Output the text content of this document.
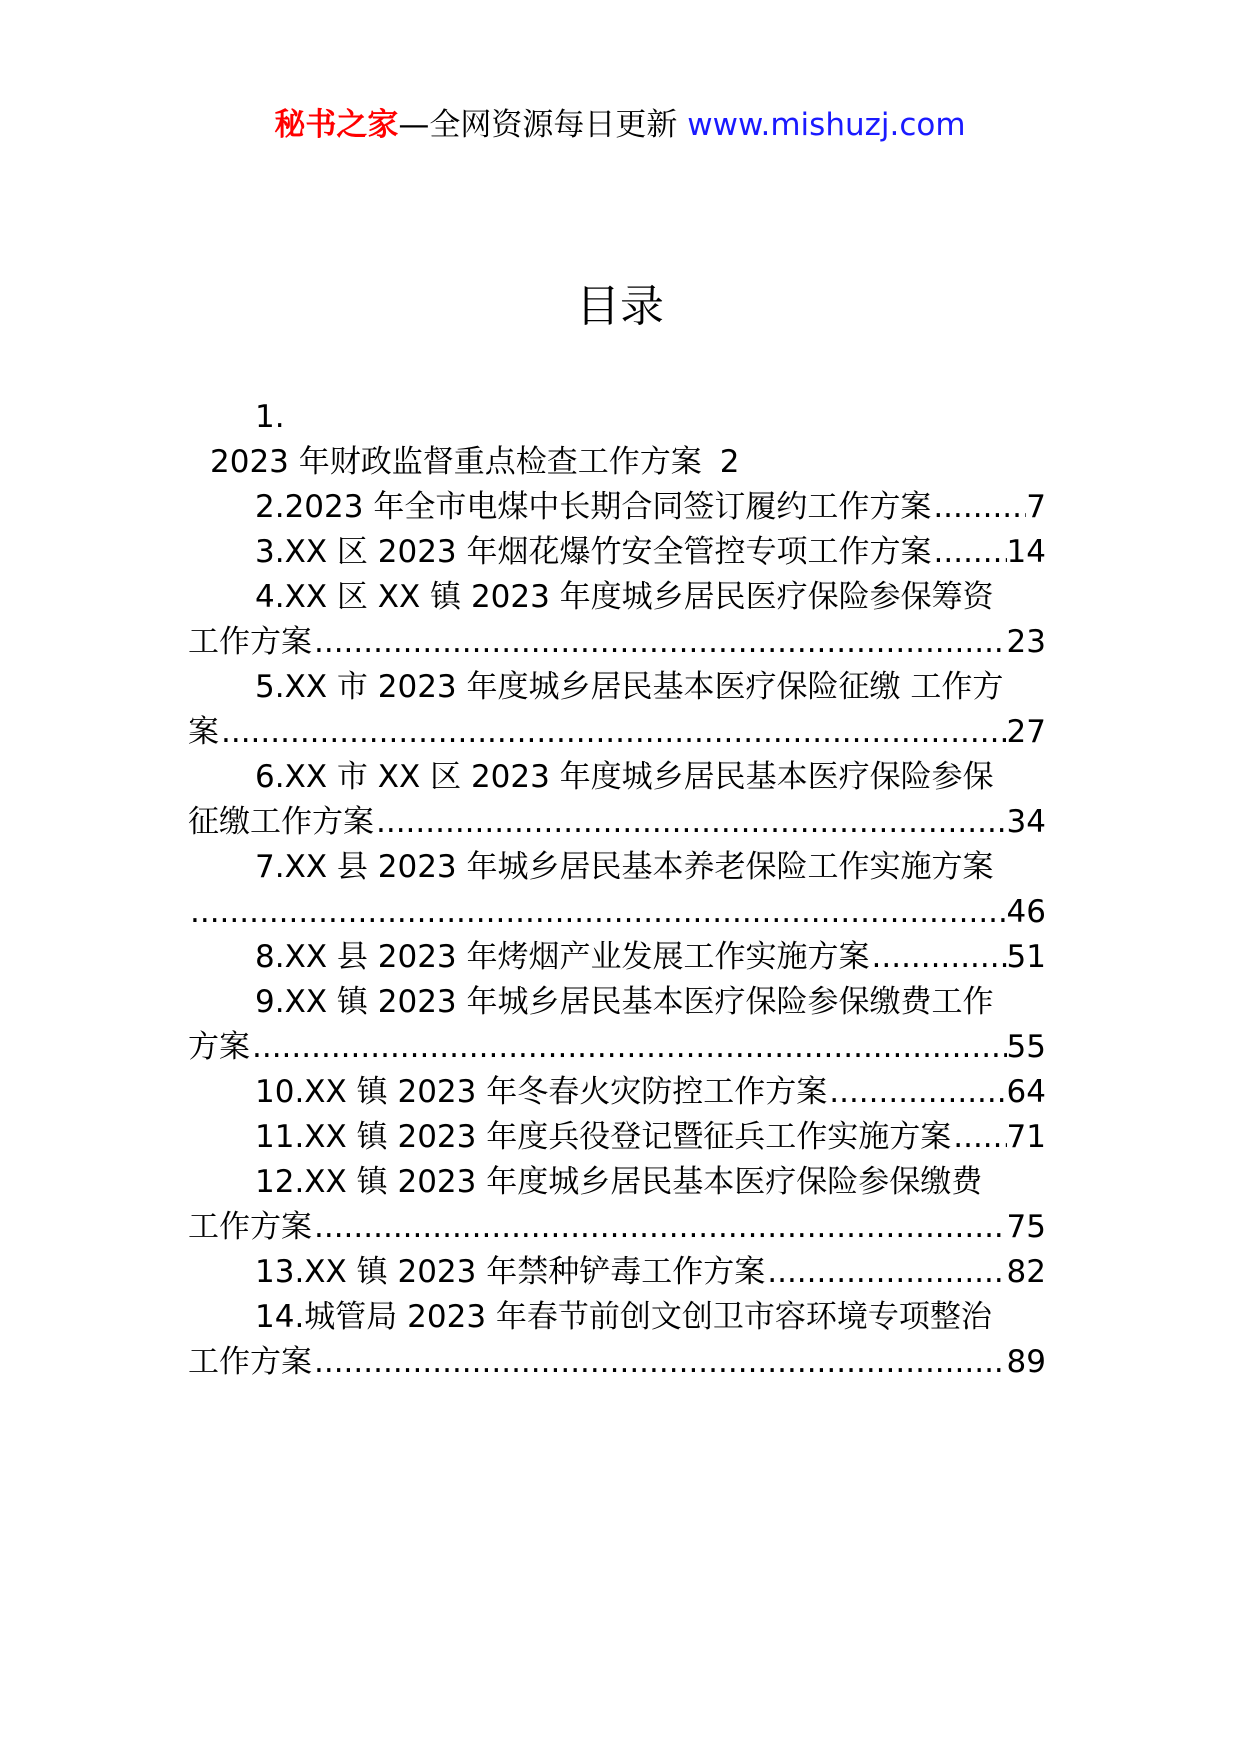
秘书之家—全网资源每日更新 www.mishuzj.com
目录
1.
2023 年财政监督重点检查工作方案 2
2.2023 年全市电煤中长期合同签订履约工作方案 .....	7
3.XX 区 2023 年烟花爆竹安全管控专项工作方案 ..... 14
4.XX 区 XX 镇 2023 年度城乡居民医疗保险参保筹资
工作方案 .....	23
5.XX 市 2023 年度城乡居民基本医疗保险征缴 工作方
案 .....	27
6.XX 市 XX 区 2023 年度城乡居民基本医疗保险参保
征缴工作方案 .....	34
7.XX 县 2023 年城乡居民基本养老保险工作实施方案
.....
46
8.XX 县 2023 年烤烟产业发展工作实施方案 .....	51
9.XX 镇 2023 年城乡居民基本医疗保险参保缴费工作
方案 .....	55
10.XX 镇 2023 年冬春火灾防控工作方案 .....	64
11.XX 镇 2023 年度兵役登记暨征兵工作实施方案 ..... 71
12.XX 镇 2023 年度城乡居民基本医疗保险参保缴费
工作方案 .....	75
13.XX 镇 2023 年禁种铲毒工作方案 .....	82
14.城管局 2023 年春节前创文创卫市容环境专项整治
工作方案 .....	89
